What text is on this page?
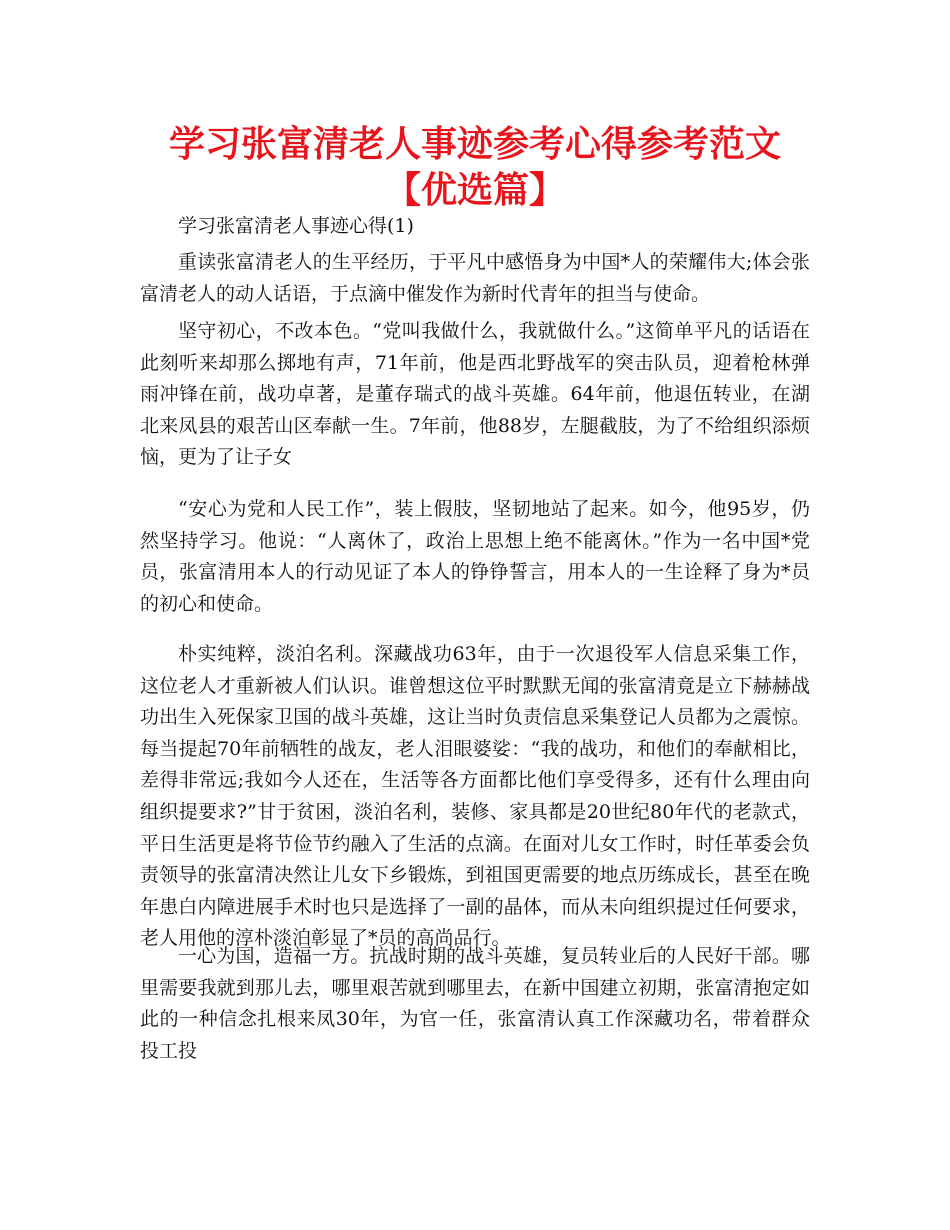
学习张富清老人事迹参考心得参考范文
【优选篇】

学习张富清老人事迹心得(1)

重读张富清老人的生平经历，于平凡中感悟身为中国*人的荣耀伟大;体会张富清老人的动人话语，于点滴中催发作为新时代青年的担当与使命。

坚守初心，不改本色。“党叫我做什么，我就做什么。”这简单平凡的话语在此刻听来却那么掷地有声，71年前，他是西北野战军的突击队员，迎着枪林弹雨冲锋在前，战功卓著，是董存瑞式的战斗英雄。64年前，他退伍转业，在湖北来凤县的艰苦山区奉献一生。7年前，他88岁，左腿截肢，为了不给组织添烦恼，更为了让子女

“安心为党和人民工作”，装上假肢，坚韧地站了起来。如今，他95岁，仍然坚持学习。他说：“人离休了，政治上思想上绝不能离休。”作为一名中国*党员，张富清用本人的行动见证了本人的铮铮誓言，用本人的一生诠释了身为*员的初心和使命。

朴实纯粹，淡泊名利。深藏战功63年，由于一次退役军人信息采集工作，这位老人才重新被人们认识。谁曾想这位平时默默无闻的张富清竟是立下赫赫战功出生入死保家卫国的战斗英雄，这让当时负责信息采集登记人员都为之震惊。每当提起70年前牺牲的战友，老人泪眼婆娑：“我的战功，和他们的奉献相比，差得非常远;我如今人还在，生活等各方面都比他们享受得多，还有什么理由向组织提要求?”甘于贫困，淡泊名利，装修、家具都是20世纪80年代的老款式，平日生活更是将节俭节约融入了生活的点滴。在面对儿女工作时，时任革委会负责领导的张富清决然让儿女下乡锻炼，到祖国更需要的地点历练成长，甚至在晚年患白内障进展手术时也只是选择了一副的晶体，而从未向组织提过任何要求，老人用他的淳朴淡泊彰显了*员的高尚品行。

一心为国，造福一方。抗战时期的战斗英雄，复员转业后的人民好干部。哪里需要我就到那儿去，哪里艰苦就到哪里去，在新中国建立初期，张富清抱定如此的一种信念扎根来凤30年，为官一任，张富清认真工作深藏功名，带着群众投工投
